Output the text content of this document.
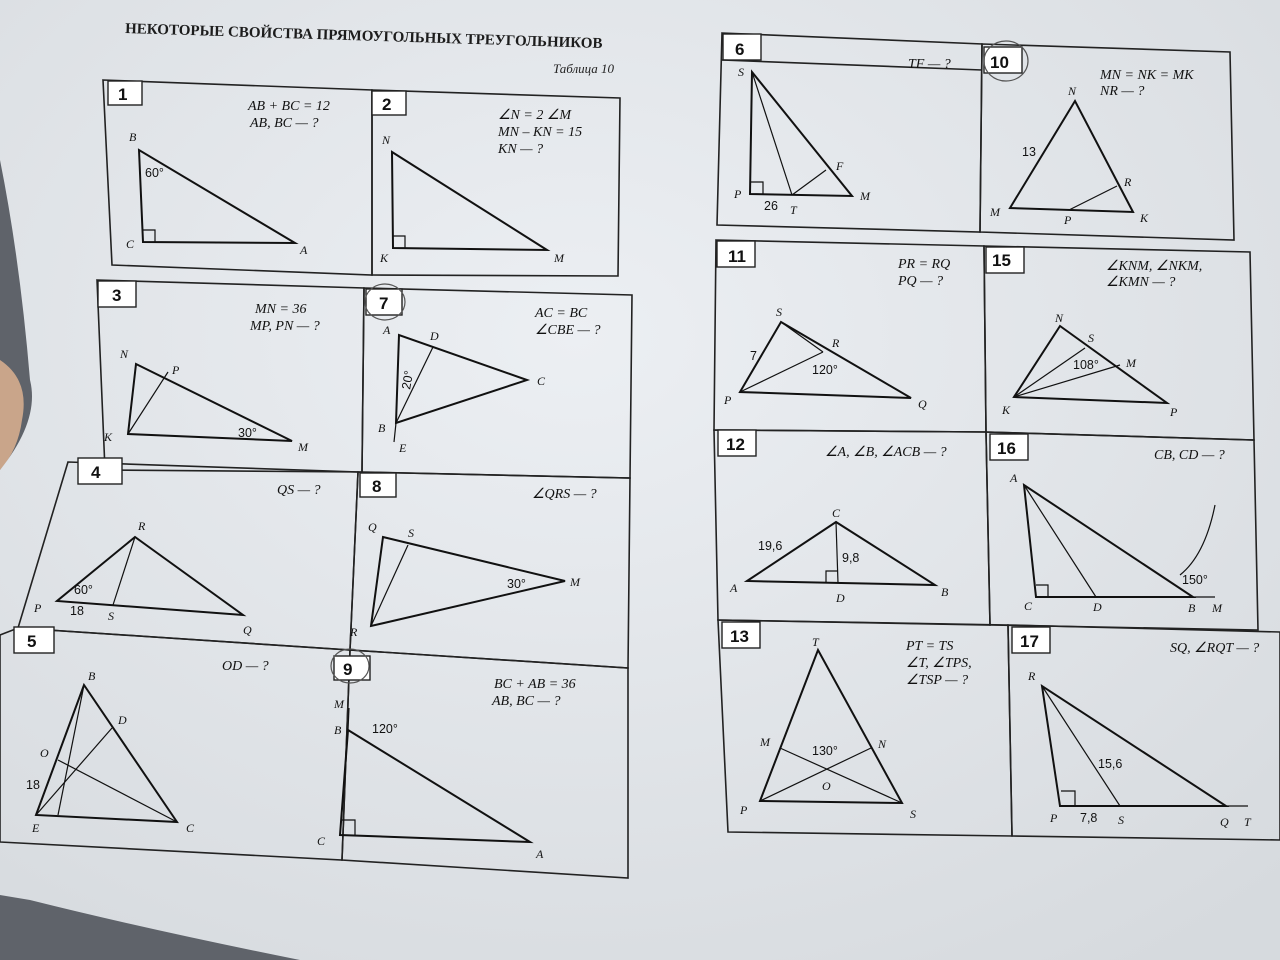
НЕКОТОРЫЕ СВОЙСТВА ПРЯМОУГОЛЬНЫХ ТРЕУГОЛЬНИКОВ
Таблица 10
1
AB + BC = 12
AB, BC — ?
B
C	A
60°
2
∠N = 2 ∠M
MN – KN = 15
KN — ?
N
K	M
3
MN = 36
MP, PN — ?
N
P
K
M
30°
7
AC = BC
∠CBE — ?
A	D
C
B
E
20°
4
QS — ?
R
P
S
Q
60°
18
8	∠QRS — ?
Q	S
M
R
30°
5
OD — ?
B
D
O
E	C
18
9
BC + AB = 36
AB, BC — ?
M
B
C
A
120°
6
TF — ?
S
F
P
T
M
26
10
MN = NK = MK
NR — ?
N
R
M
P	K
13
11	PR = RQ
PQ — ?
S
R
P	Q
7
120°
15	∠KNM, ∠NKM,
∠KMN — ?
N
S
M
K	P
108°
12	∠A, ∠B, ∠ACB — ?
C
A
D	B
19,6
9,8
16	CB, CD — ?
A
C	D	B M
150°
13
PT = TS
∠T, ∠TPS,
∠TSP — ?
T
M	N
O
P	S
130°
17	SQ, ∠RQT — ?
R
P	S	Q T
15,6
7,8
